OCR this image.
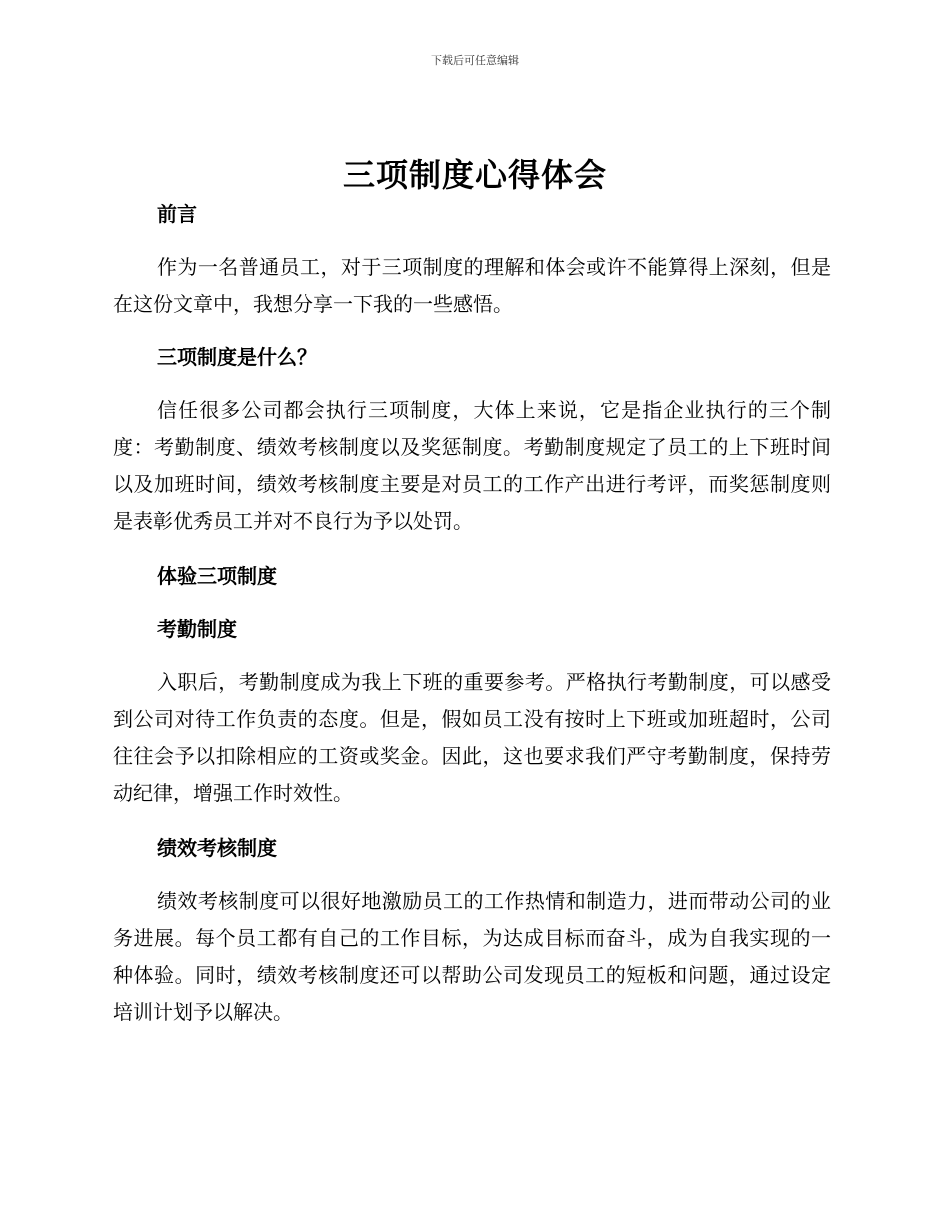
下载后可任意编辑
三项制度心得体会
前言
作为一名普通员工，对于三项制度的理解和体会或许不能算得上深刻，但是在这份文章中，我想分享一下我的一些感悟。
三项制度是什么？
信任很多公司都会执行三项制度，大体上来说，它是指企业执行的三个制度：考勤制度、绩效考核制度以及奖惩制度。考勤制度规定了员工的上下班时间以及加班时间，绩效考核制度主要是对员工的工作产出进行考评，而奖惩制度则是表彰优秀员工并对不良行为予以处罚。
体验三项制度
考勤制度
入职后，考勤制度成为我上下班的重要参考。严格执行考勤制度，可以感受到公司对待工作负责的态度。但是，假如员工没有按时上下班或加班超时，公司往往会予以扣除相应的工资或奖金。因此，这也要求我们严守考勤制度，保持劳动纪律，增强工作时效性。
绩效考核制度
绩效考核制度可以很好地激励员工的工作热情和制造力，进而带动公司的业务进展。每个员工都有自己的工作目标，为达成目标而奋斗，成为自我实现的一种体验。同时，绩效考核制度还可以帮助公司发现员工的短板和问题，通过设定培训计划予以解决。
